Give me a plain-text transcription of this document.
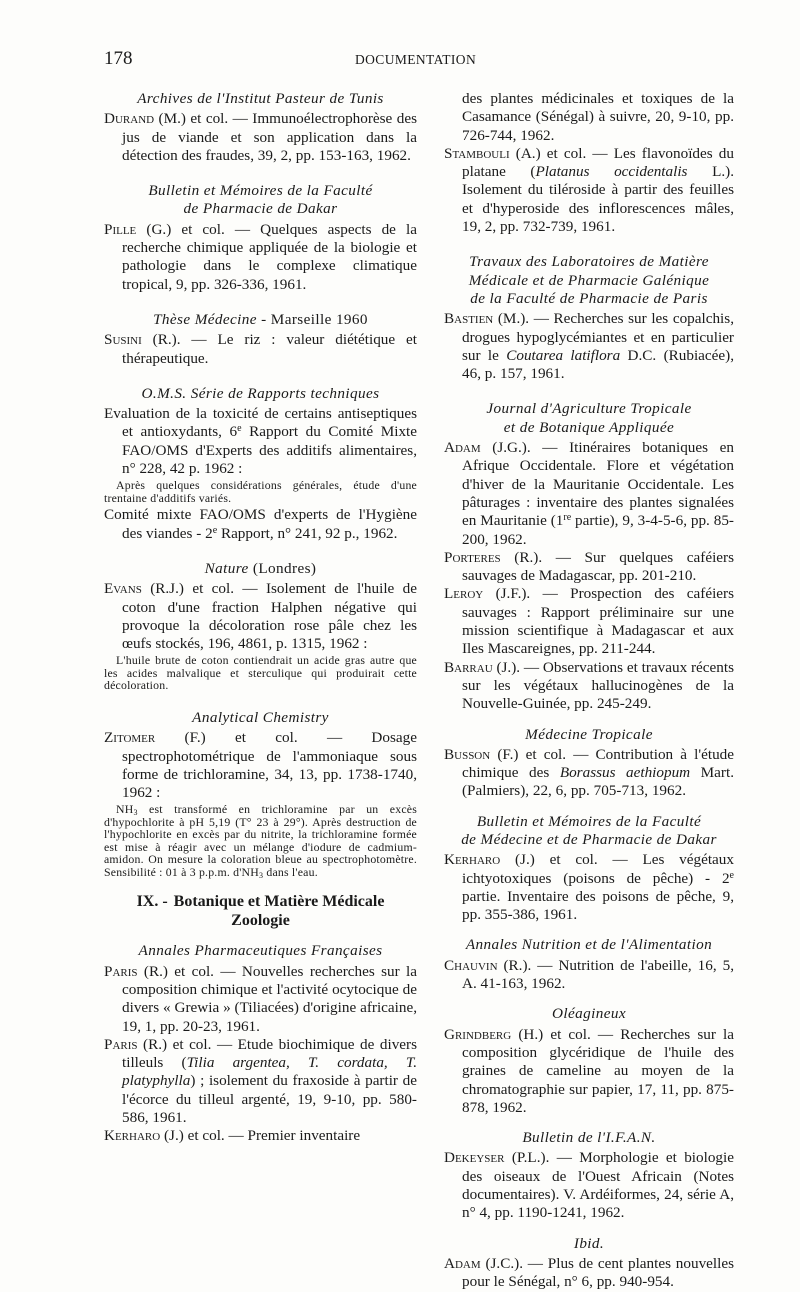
178	DOCUMENTATION
Archives de l'Institut Pasteur de Tunis
Durand (M.) et col. — Immunoélectrophorèse des jus de viande et son application dans la détection des fraudes, 39, 2, pp. 153-163, 1962.
Bulletin et Mémoires de la Faculté
de Pharmacie de Dakar
Pille (G.) et col. — Quelques aspects de la recherche chimique appliquée de la biologie et pathologie dans le complexe climatique tropical, 9, pp. 326-336, 1961.
Thèse Médecine - Marseille 1960
Susini (R.). — Le riz : valeur diététique et thérapeutique.
O.M.S. Série de Rapports techniques
Evaluation de la toxicité de certains antiseptiques et antioxydants, 6e Rapport du Comité Mixte FAO/OMS d'Experts des additifs alimentaires, n° 228, 42 p. 1962 :
Après quelques considérations générales, étude d'une trentaine d'additifs variés.
Comité mixte FAO/OMS d'experts de l'Hygiène des viandes - 2e Rapport, n° 241, 92 p., 1962.
Nature (Londres)
Evans (R.J.) et col. — Isolement de l'huile de coton d'une fraction Halphen négative qui provoque la décoloration rose pâle chez les œufs stockés, 196, 4861, p. 1315, 1962 :
L'huile brute de coton contiendrait un acide gras autre que les acides malvalique et sterculique qui produirait cette décoloration.
Analytical Chemistry
Zitomer (F.) et col. — Dosage spectrophotométrique de l'ammoniaque sous forme de trichloramine, 34, 13, pp. 1738-1740, 1962 :
$NH_3$ est transformé en trichloramine par un excès d'hypochlorite à pH 5,19 (T° 23 à 29°). Après destruction de l'hypochlorite en excès par du nitrite, la trichloramine formée est mise à réagir avec un mélange d'iodure de cadmium-amidon. On mesure la coloration bleue au spectrophotomètre. Sensibilité : 01 à 3 p.p.m. $d'NH_3$ dans l'eau.
IX. - Botanique et Matière Médicale
Zoologie
Annales Pharmaceutiques Françaises
Paris (R.) et col. — Nouvelles recherches sur la composition chimique et l'activité ocytocique de divers « Grewia » (Tiliacées) d'origine africaine, 19, 1, pp. 20-23, 1961.
Paris (R.) et col. — Etude biochimique de divers tilleuls (Tilia argentea, T. cordata, T. platyphylla) ; isolement du fraxoside à partir de l'écorce du tilleul argenté, 19, 9-10, pp. 580-586, 1961.
Kerharo (J.) et col. — Premier inventaire
des plantes médicinales et toxiques de la Casamance (Sénégal) à suivre, 20, 9-10, pp. 726-744, 1962.
Stambouli (A.) et col. — Les flavonoïdes du platane (Platanus occidentalis L.). Isolement du tiléroside à partir des feuilles et d'hyperoside des inflorescences mâles, 19, 2, pp. 732-739, 1961.
Travaux des Laboratoires de Matière
Médicale et de Pharmacie Galénique
de la Faculté de Pharmacie de Paris
Bastien (M.). — Recherches sur les copalchis, drogues hypoglycémiantes et en particulier sur le Coutarea latiflora D.C. (Rubiacée), 46, p. 157, 1961.
Journal d'Agriculture Tropicale
et de Botanique Appliquée
Adam (J.G.). — Itinéraires botaniques en Afrique Occidentale. Flore et végétation d'hiver de la Mauritanie Occidentale. Les pâturages : inventaire des plantes signalées en Mauritanie (1re partie), 9, 3-4-5-6, pp. 85-200, 1962.
Porteres (R.). — Sur quelques caféiers sauvages de Madagascar, pp. 201-210.
Leroy (J.F.). — Prospection des caféiers sauvages : Rapport préliminaire sur une mission scientifique à Madagascar et aux Iles Mascareignes, pp. 211-244.
Barrau (J.). — Observations et travaux récents sur les végétaux hallucinogènes de la Nouvelle-Guinée, pp. 245-249.
Médecine Tropicale
Busson (F.) et col. — Contribution à l'étude chimique des Borassus aethiopum Mart. (Palmiers), 22, 6, pp. 705-713, 1962.
Bulletin et Mémoires de la Faculté
de Médecine et de Pharmacie de Dakar
Kerharo (J.) et col. — Les végétaux ichtyotoxiques (poisons de pêche) - 2e partie. Inventaire des poisons de pêche, 9, pp. 355-386, 1961.
Annales Nutrition et de l'Alimentation
Chauvin (R.). — Nutrition de l'abeille, 16, 5, A. 41-163, 1962.
Oléagineux
Grindberg (H.) et col. — Recherches sur la composition glycéridique de l'huile des graines de cameline au moyen de la chromatographie sur papier, 17, 11, pp. 875-878, 1962.
Bulletin de l'I.F.A.N.
Dekeyser (P.L.). — Morphologie et biologie des oiseaux de l'Ouest Africain (Notes documentaires). V. Ardéiformes, 24, série A, n° 4, pp. 1190-1241, 1962.
Ibid.
Adam (J.C.). — Plus de cent plantes nouvelles pour le Sénégal, n° 6, pp. 940-954.
